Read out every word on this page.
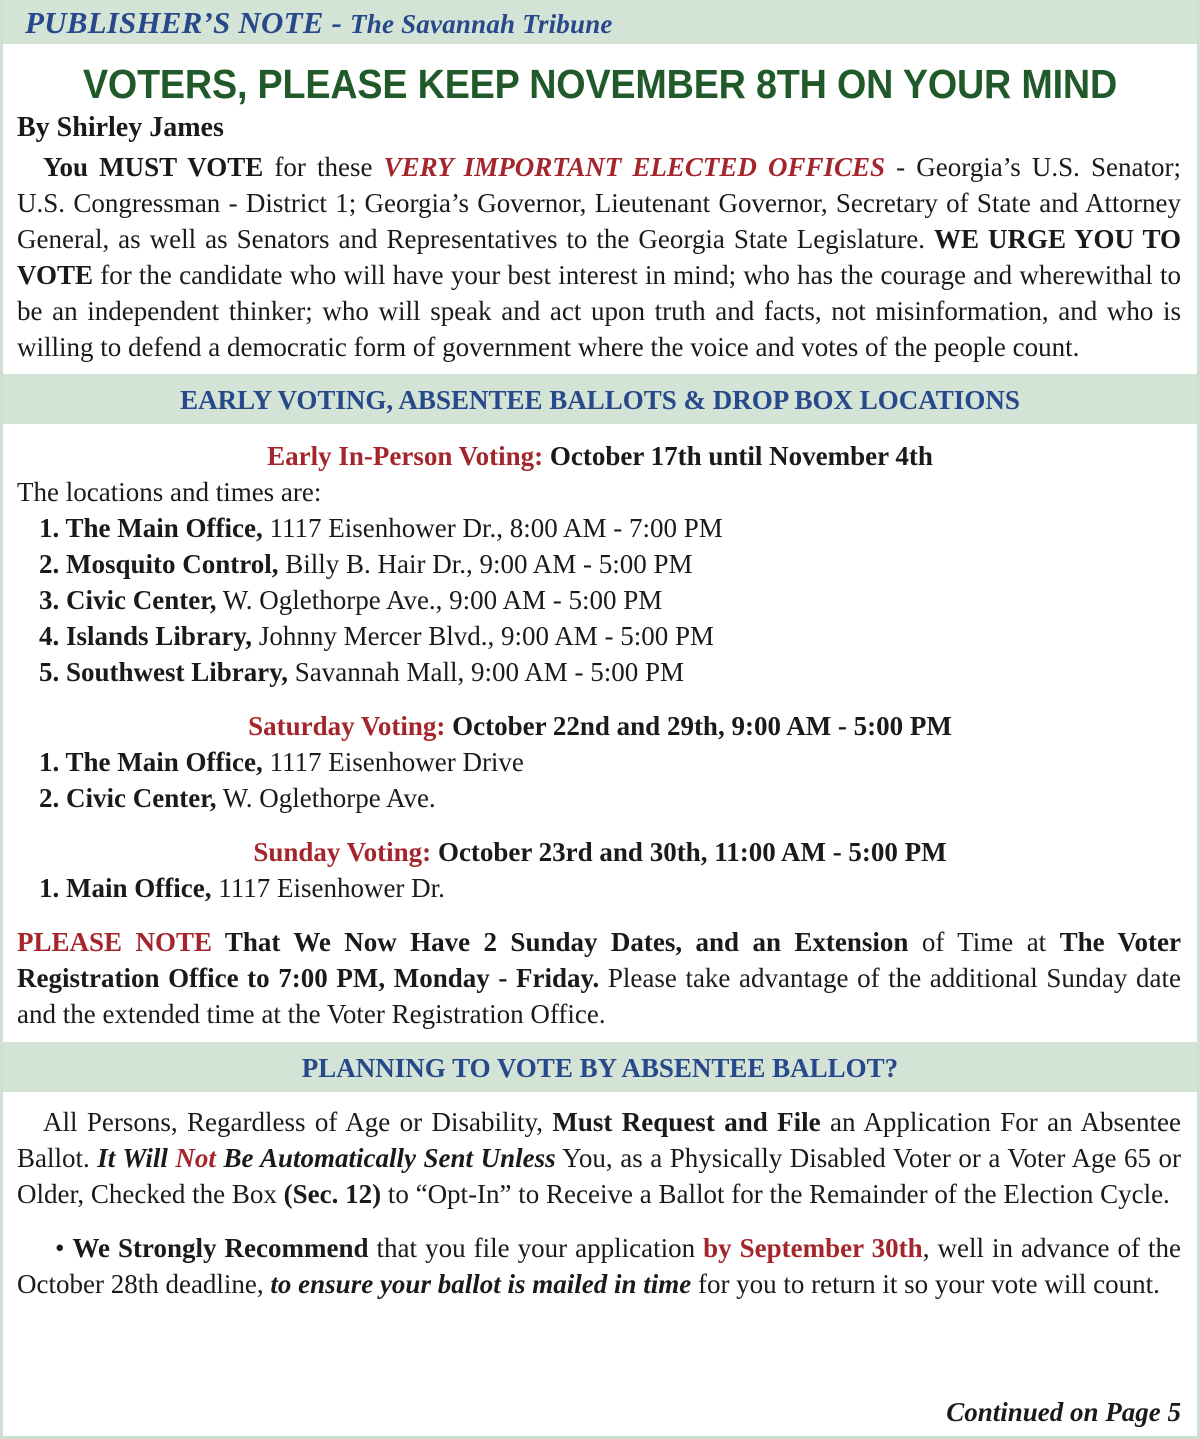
PUBLISHER’S NOTE - The Savannah Tribune
VOTERS, PLEASE KEEP NOVEMBER 8TH ON YOUR MIND
By Shirley James
You MUST VOTE for these VERY IMPORTANT ELECTED OFFICES - Georgia’s U.S. Senator; U.S. Congressman - District 1; Georgia’s Governor, Lieutenant Governor, Secretary of State and Attorney General, as well as Senators and Representatives to the Georgia State Legislature. WE URGE YOU TO VOTE for the candidate who will have your best interest in mind; who has the courage and wherewithal to be an independent thinker; who will speak and act upon truth and facts, not misinformation, and who is willing to defend a democratic form of government where the voice and votes of the people count.
EARLY VOTING, ABSENTEE BALLOTS & DROP BOX LOCATIONS
Early In-Person Voting: October 17th until November 4th
The locations and times are:
1. The Main Office, 1117 Eisenhower Dr., 8:00 AM - 7:00 PM
2. Mosquito Control, Billy B. Hair Dr., 9:00 AM - 5:00 PM
3. Civic Center, W. Oglethorpe Ave., 9:00 AM - 5:00 PM
4. Islands Library, Johnny Mercer Blvd., 9:00 AM - 5:00 PM
5. Southwest Library, Savannah Mall, 9:00 AM - 5:00 PM
Saturday Voting: October 22nd and 29th, 9:00 AM - 5:00 PM
1. The Main Office, 1117 Eisenhower Drive
2. Civic Center, W. Oglethorpe Ave.
Sunday Voting: October 23rd and 30th, 11:00 AM - 5:00 PM
1. Main Office, 1117 Eisenhower Dr.
PLEASE NOTE That We Now Have 2 Sunday Dates, and an Extension of Time at The Voter Registration Office to 7:00 PM, Monday - Friday. Please take advantage of the additional Sunday date and the extended time at the Voter Registration Office.
PLANNING TO VOTE BY ABSENTEE BALLOT?
All Persons, Regardless of Age or Disability, Must Request and File an Application For an Absentee Ballot. It Will Not Be Automatically Sent Unless You, as a Physically Disabled Voter or a Voter Age 65 or Older, Checked the Box (Sec. 12) to “Opt-In” to Receive a Ballot for the Remainder of the Election Cycle.
• We Strongly Recommend that you file your application by September 30th, well in advance of the October 28th deadline, to ensure your ballot is mailed in time for you to return it so your vote will count.
Continued on Page 5
